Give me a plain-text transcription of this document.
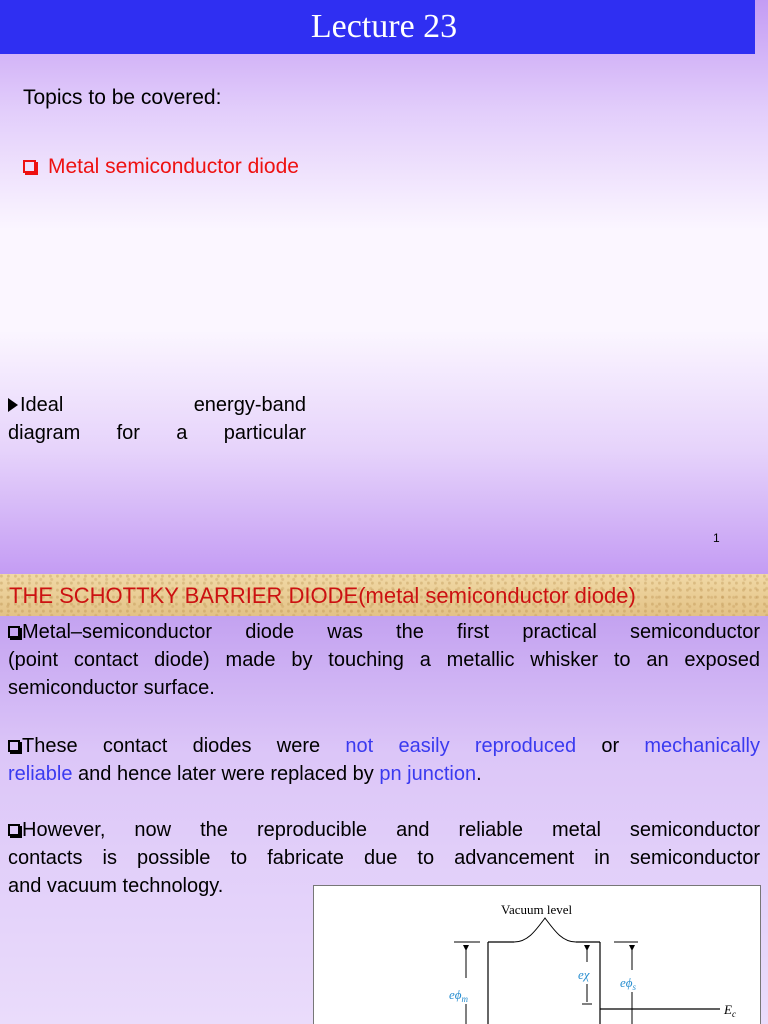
Lecture 23
Topics to be covered:
Metal semiconductor diode
1
THE SCHOTTKY BARRIER DIODE(metal semiconductor diode)
Metal–semiconductor diode was the first practical semiconductor
(point contact diode) made by touching a metallic whisker to an exposed
semiconductor surface.
These contact diodes were not easily reproduced or mechanically
reliable and hence later were replaced by pn junction.
However, now the reproducible and reliable metal semiconductor
contacts is possible to fabricate due to advancement in semiconductor
and vacuum technology.
Ideal	energy-band
diagram for a particular
Vacuum level
$e\phi_m$
eχ
$e\phi_s$
$E_c$
